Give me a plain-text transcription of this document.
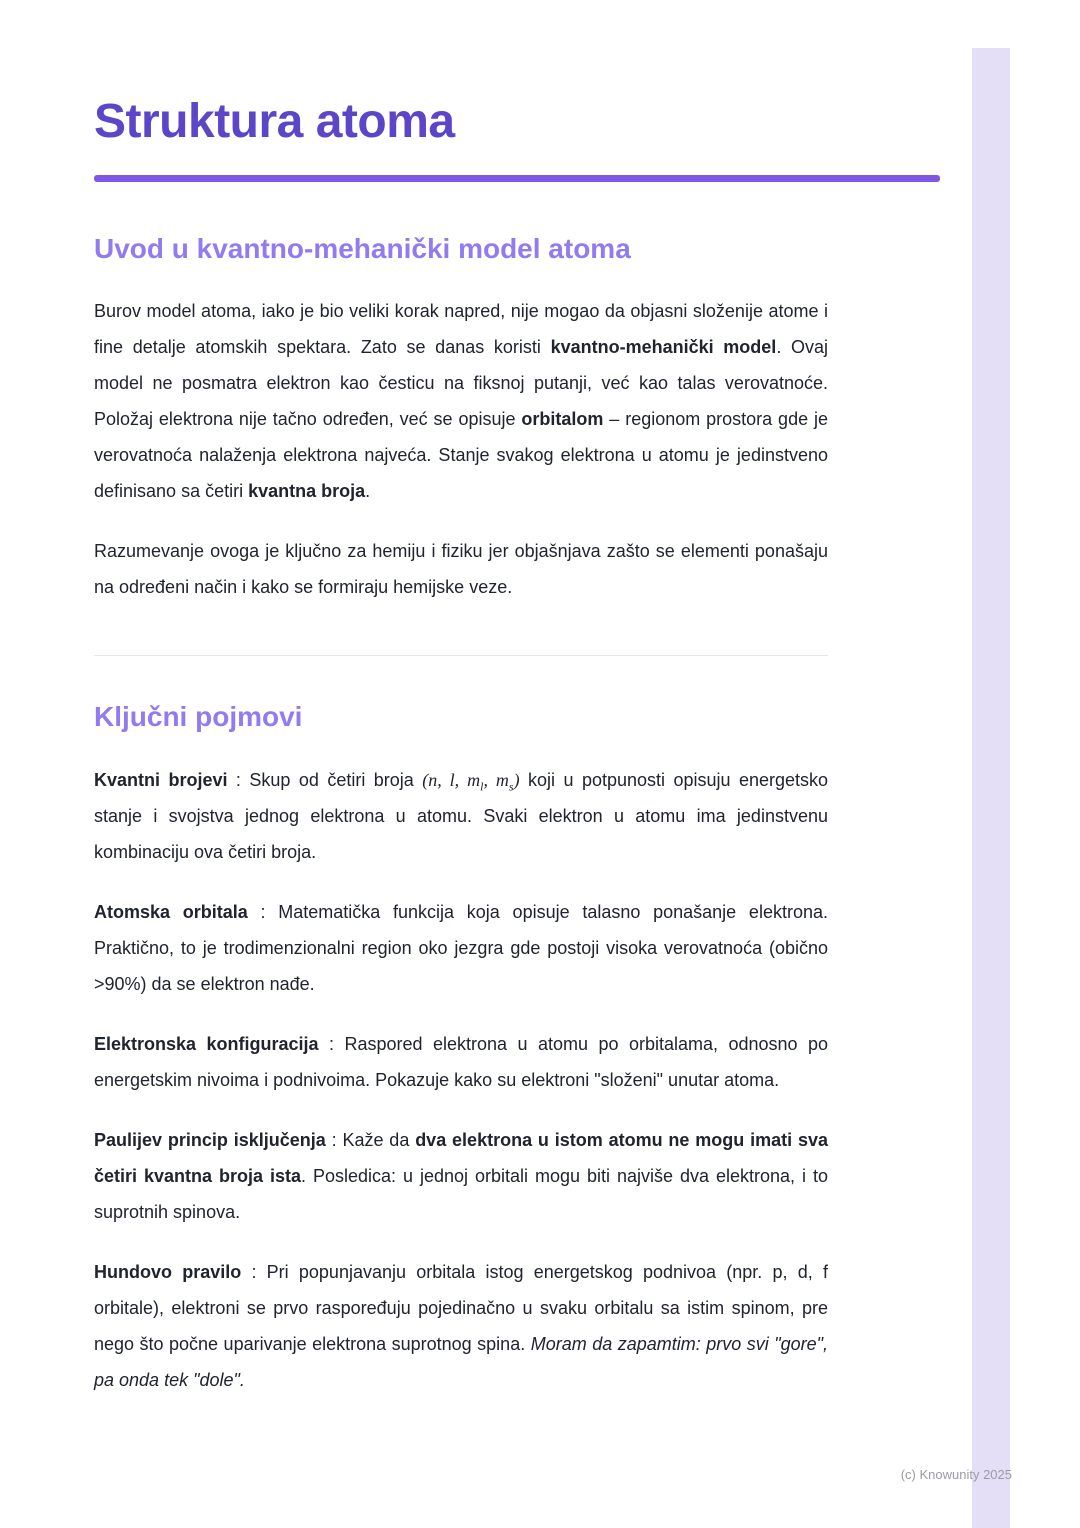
Struktura atoma
Uvod u kvantno-mehanički model atoma

Burov model atoma, iako je bio veliki korak napred, nije mogao da objasni složenije atome i fine detalje atomskih spektara. Zato se danas koristi kvantno-mehanički model. Ovaj model ne posmatra elektron kao česticu na fiksnoj putanji, već kao talas verovatnoće. Položaj elektrona nije tačno određen, već se opisuje orbitalom – regionom prostora gde je verovatnoća nalaženja elektrona najveća. Stanje svakog elektrona u atomu je jedinstveno definisano sa četiri kvantna broja.

Razumevanje ovoga je ključno za hemiju i fiziku jer objašnjava zašto se elementi ponašaju na određeni način i kako se formiraju hemijske veze.

Ključni pojmovi

Kvantni brojevi : Skup od četiri broja (n, l, $m_l$, $m_s$) koji u potpunosti opisuju energetsko stanje i svojstva jednog elektrona u atomu. Svaki elektron u atomu ima jedinstvenu kombinaciju ova četiri broja.

Atomska orbitala : Matematička funkcija koja opisuje talasno ponašanje elektrona. Praktično, to je trodimenzionalni region oko jezgra gde postoji visoka verovatnoća (obično >90%) da se elektron nađe.

Elektronska konfiguracija : Raspored elektrona u atomu po orbitalama, odnosno po energetskim nivoima i podnivoima. Pokazuje kako su elektroni "složeni" unutar atoma.

Paulijev princip isključenja : Kaže da dva elektrona u istom atomu ne mogu imati sva četiri kvantna broja ista. Posledica: u jednoj orbitali mogu biti najviše dva elektrona, i to suprotnih spinova.

Hundovo pravilo : Pri popunjavanju orbitala istog energetskog podnivoa (npr. p, d, f orbitale), elektroni se prvo raspoređuju pojedinačno u svaku orbitalu sa istim spinom, pre nego što počne uparivanje elektrona suprotnog spina. Moram da zapamtim: prvo svi "gore", pa onda tek "dole".

(c) Knowunity 2025
